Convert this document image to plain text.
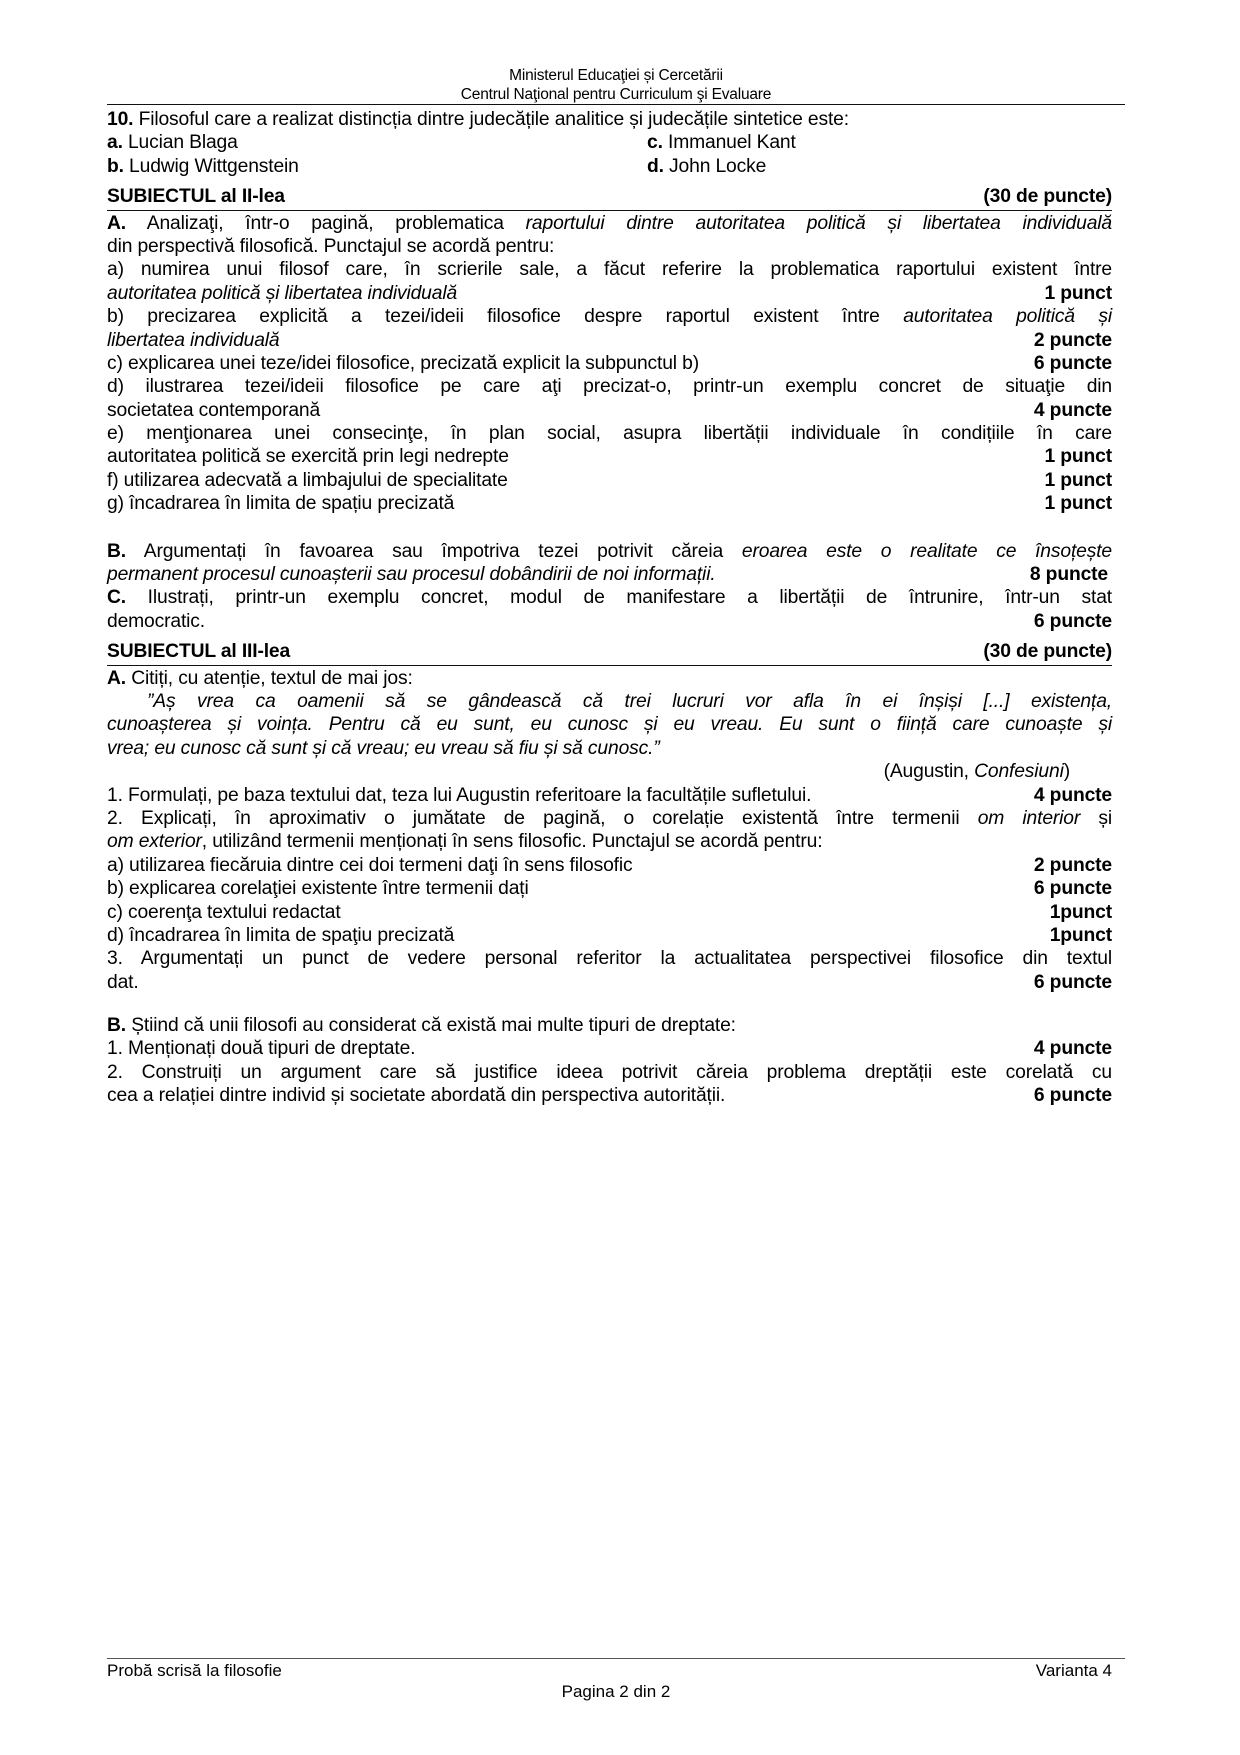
Ministerul Educaţiei și Cercetării
Centrul Naţional pentru Curriculum şi Evaluare
10. Filosoful care a realizat distincția dintre judecățile analitice și judecățile sintetice este:
a. Lucian Blaga	c. Immanuel Kant
b. Ludwig Wittgenstein	d. John Locke
SUBIECTUL al II-lea	(30 de puncte)
A. Analizaţi, într-o pagină, problematica raportului dintre autoritatea politică și libertatea individuală
din perspectivă filosofică. Punctajul se acordă pentru:
a) numirea unui filosof care, în scrierile sale, a făcut referire la problematica raportului existent între
autoritatea politică și libertatea individuală	1 punct
b) precizarea explicită a tezei/ideii filosofice despre raportul existent între autoritatea politică și
libertatea individuală	2 puncte
c) explicarea unei teze/idei filosofice, precizată explicit la subpunctul b)	6 puncte
d) ilustrarea tezei/ideii filosofice pe care aţi precizat-o, printr-un exemplu concret de situaţie din
societatea contemporană	4 puncte
e) menţionarea unei consecinţe, în plan social, asupra libertății individuale în condițiile în care
autoritatea politică se exercită prin legi nedrepte	1 punct
f) utilizarea adecvată a limbajului de specialitate	1 punct
g) încadrarea în limita de spațiu precizată	1 punct
B. Argumentați în favoarea sau împotriva tezei potrivit căreia eroarea este o realitate ce însoțește
permanent procesul cunoașterii sau procesul dobândirii de noi informații.	8 puncte
C. Ilustrați, printr-un exemplu concret, modul de manifestare a libertății de întrunire, într-un stat
democratic.	6 puncte
SUBIECTUL al III-lea	(30 de puncte)
A. Citiți, cu atenție, textul de mai jos:
”Aș vrea ca oamenii să se gândească că trei lucruri vor afla în ei înșiși [...] existența,
cunoașterea și voința. Pentru că eu sunt, eu cunosc și eu vreau. Eu sunt o ființă care cunoaște și
vrea; eu cunosc că sunt și că vreau; eu vreau să fiu și să cunosc.”
(Augustin, Confesiuni)
1. Formulați, pe baza textului dat, teza lui Augustin referitoare la facultățile sufletului.	4 puncte
2. Explicați, în aproximativ o jumătate de pagină, o corelație existentă între termenii om interior și
om exterior, utilizând termenii menționați în sens filosofic. Punctajul se acordă pentru:
a) utilizarea fiecăruia dintre cei doi termeni daţi în sens filosofic	2 puncte
b) explicarea corelaţiei existente între termenii dați	6 puncte
c) coerenţa textului redactat	1punct
d) încadrarea în limita de spaţiu precizată	1punct
3. Argumentați un punct de vedere personal referitor la actualitatea perspectivei filosofice din textul
dat.	6 puncte
B. Știind că unii filosofi au considerat că există mai multe tipuri de dreptate:
1. Menționați două tipuri de dreptate.	4 puncte
2. Construiți un argument care să justifice ideea potrivit căreia problema dreptății este corelată cu
cea a relației dintre individ și societate abordată din perspectiva autorității.	6 puncte
Probă scrisă la filosofie	Varianta 4
Pagina 2 din 2
